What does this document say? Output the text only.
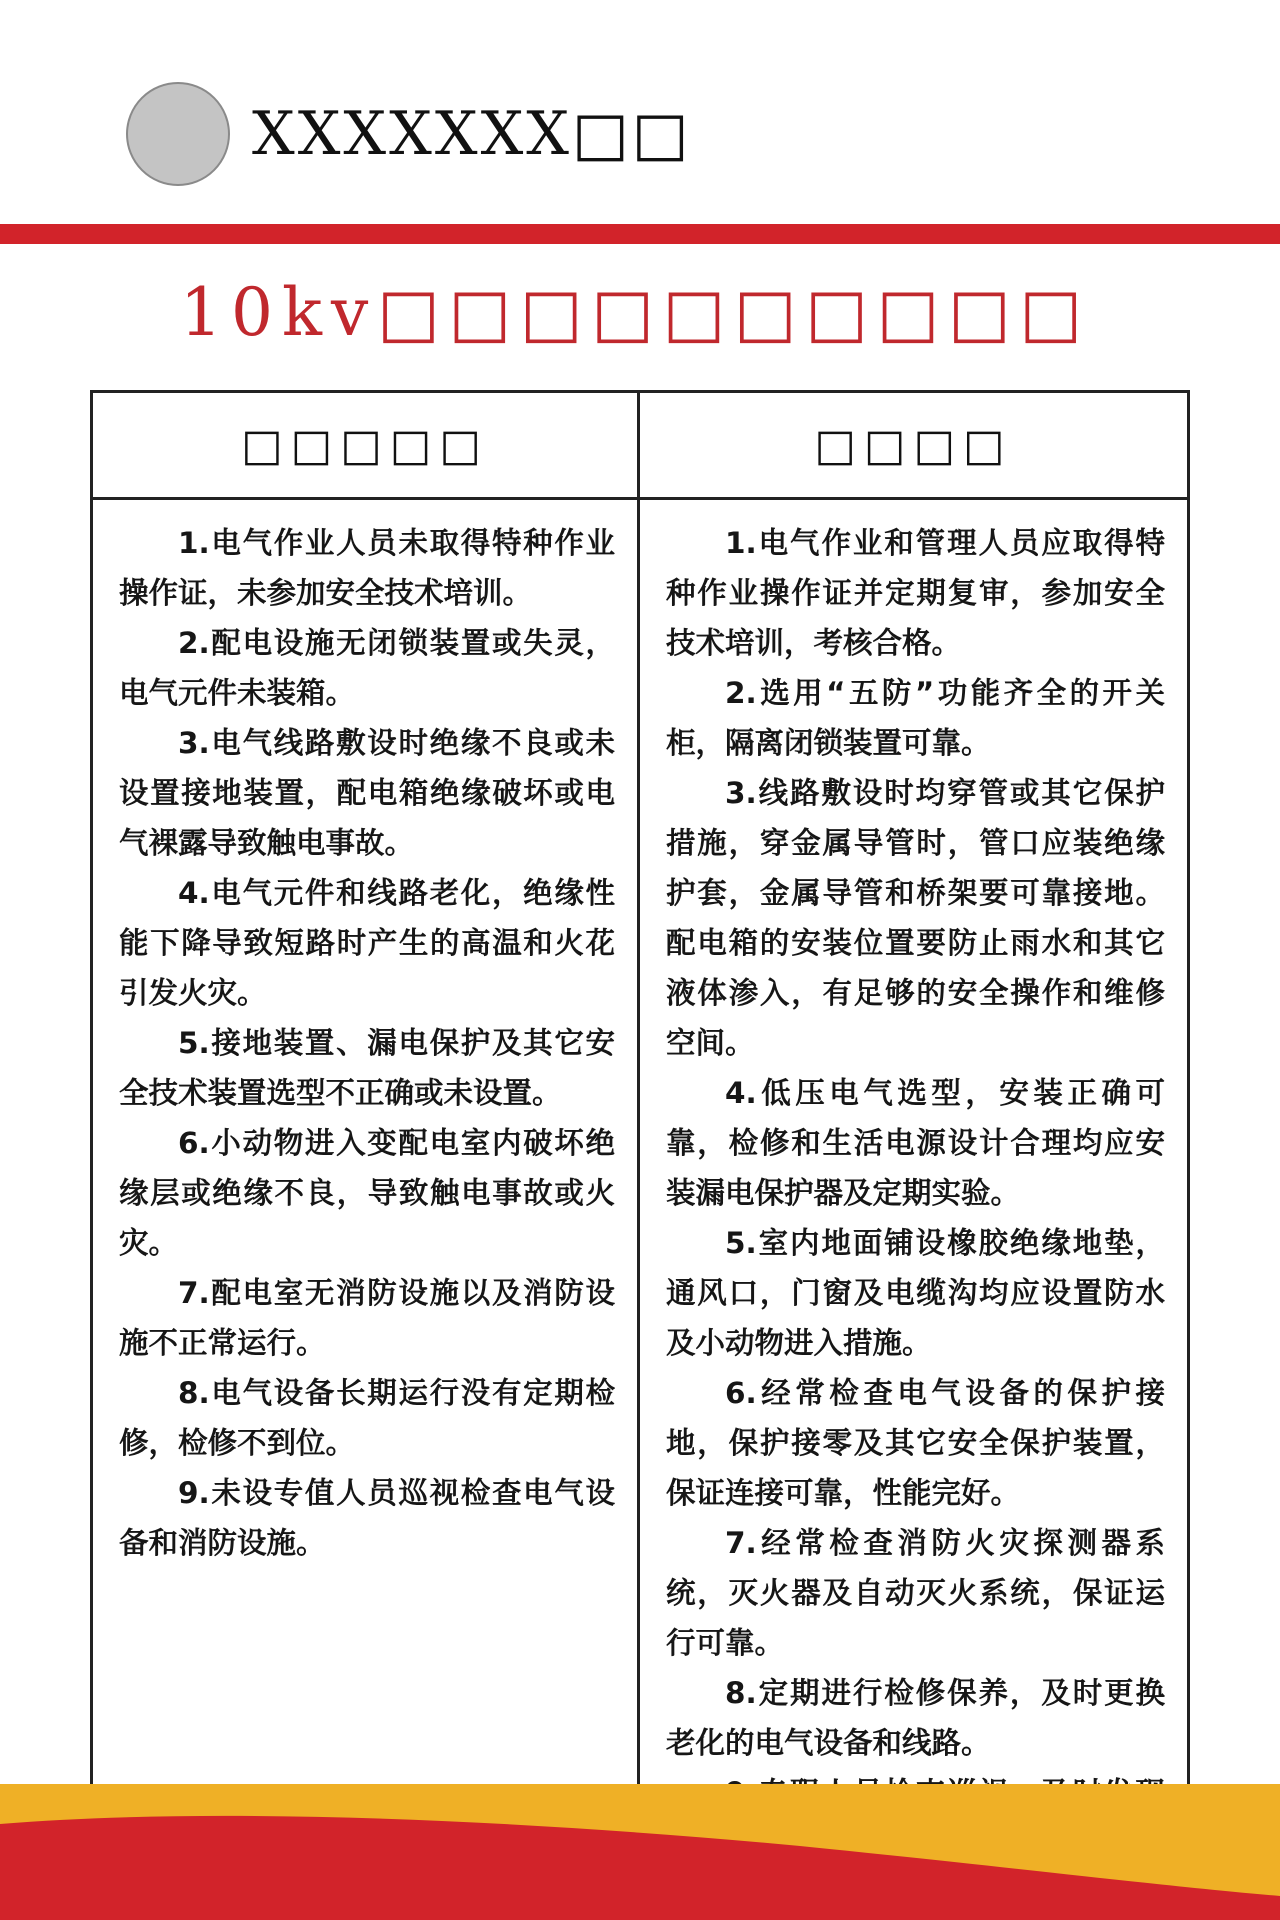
XXXXXXX□□
10kv□□□□□□□□□□
□□□□□

1.电气作业人员未取得特种作业操作证，未参加安全技术培训。

2.配电设施无闭锁装置或失灵，电气元件未装箱。

3.电气线路敷设时绝缘不良或未设置接地装置，配电箱绝缘破坏或电气裸露导致触电事故。

4.电气元件和线路老化，绝缘性能下降导致短路时产生的高温和火花引发火灾。

5.接地装置、漏电保护及其它安全技术装置选型不正确或未设置。

6.小动物进入变配电室内破坏绝缘层或绝缘不良，导致触电事故或火灾。

7.配电室无消防设施以及消防设施不正常运行。

8.电气设备长期运行没有定期检修，检修不到位。

9.未设专值人员巡视检查电气设备和消防设施。

□□□□

1.电气作业和管理人员应取得特种作业操作证并定期复审，参加安全技术培训，考核合格。

2.选用“五防”功能齐全的开关柜，隔离闭锁装置可靠。

3.线路敷设时均穿管或其它保护措施，穿金属导管时，管口应装绝缘护套，金属导管和桥架要可靠接地。配电箱的安装位置要防止雨水和其它液体渗入，有足够的安全操作和维修空间。

4.低压电气选型，安装正确可靠，检修和生活电源设计合理均应安装漏电保护器及定期实验。

5.室内地面铺设橡胶绝缘地垫，通风口，门窗及电缆沟均应设置防水及小动物进入措施。

6.经常检查电气设备的保护接地，保护接零及其它安全保护装置，保证连接可靠，性能完好。

7.经常检查消防火灾探测器系统，灭火器及自动灭火系统，保证运行可靠。

8.定期进行检修保养，及时更换老化的电气设备和线路。
